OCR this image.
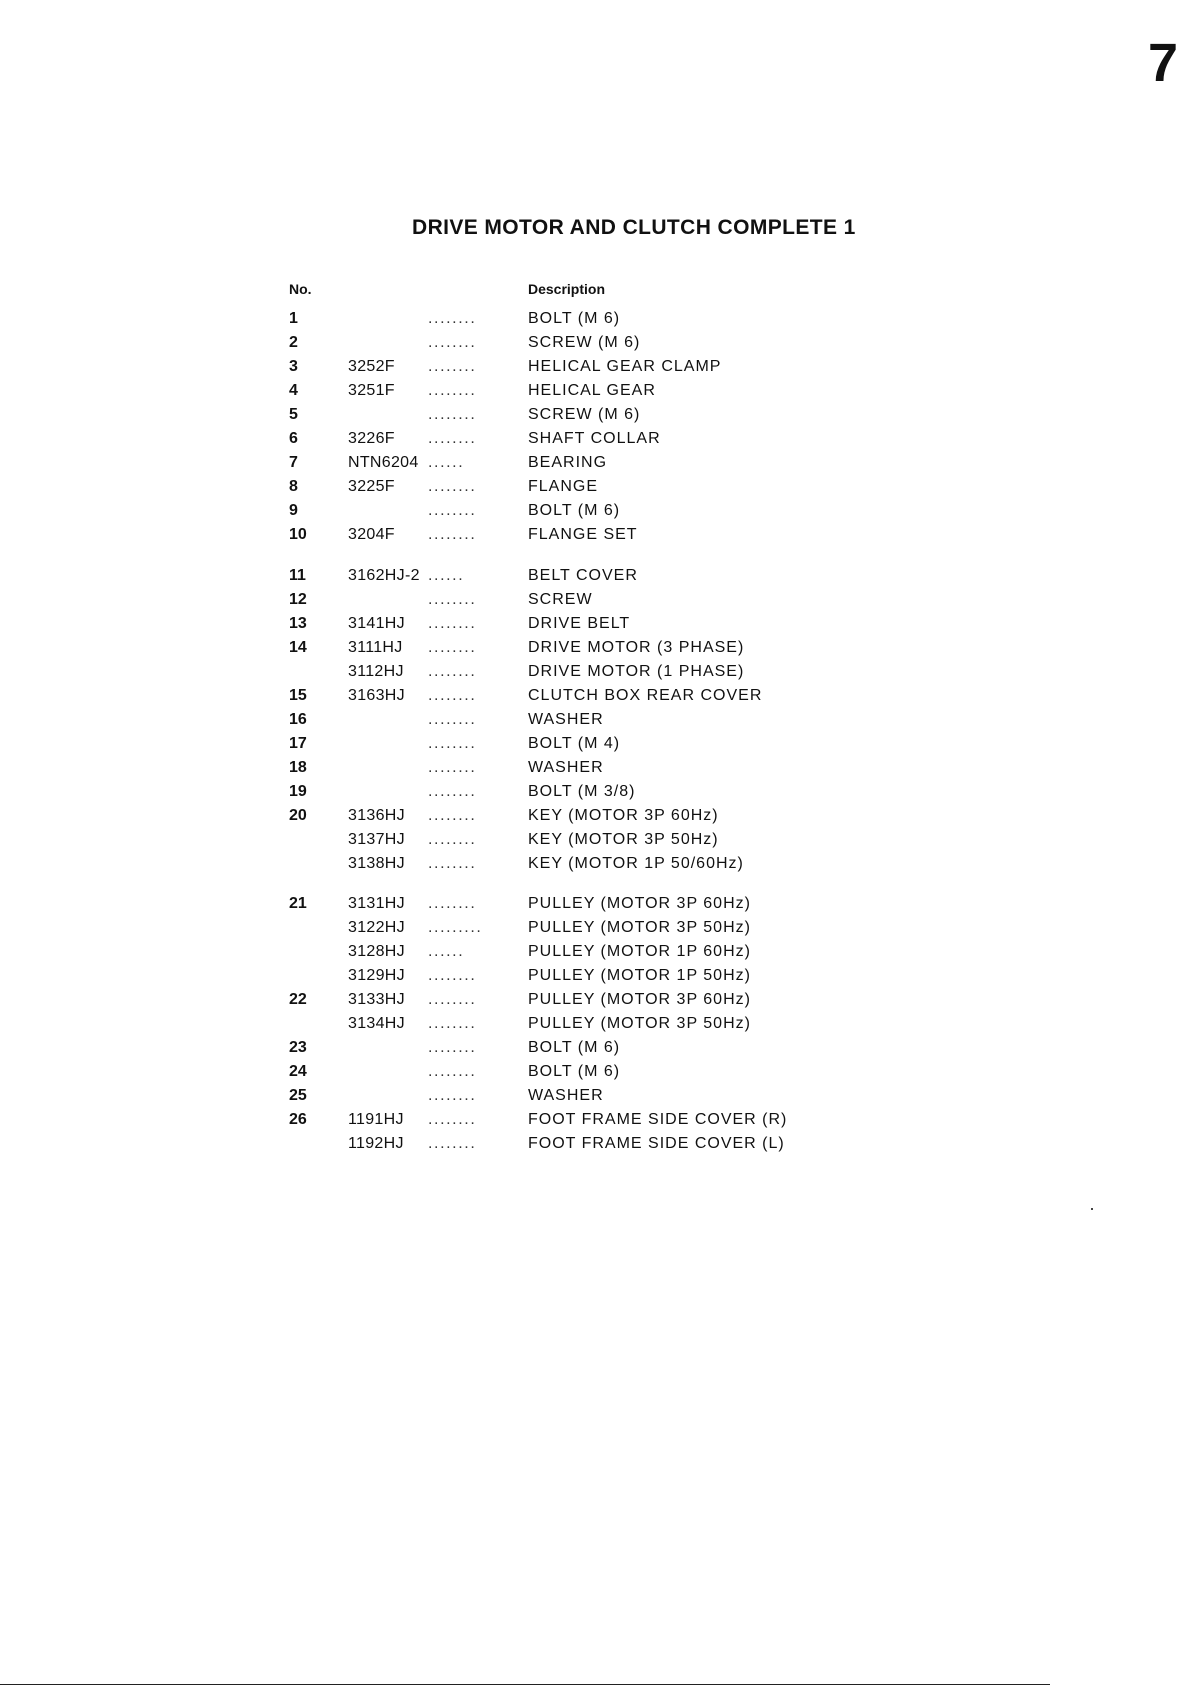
7
DRIVE MOTOR AND CLUTCH COMPLETE 1
No.	Description
1	........	BOLT (M 6)
2	........	SCREW (M 6)
3	3252F ........	HELICAL GEAR CLAMP
4	3251F ........	HELICAL GEAR
5	........	SCREW (M 6)
6	3226F ........	SHAFT COLLAR
7	NTN6204 ......	BEARING
8	3225F ........	FLANGE
9	........	BOLT (M 6)
10	3204F ........	FLANGE SET
11	3162HJ-2 ......	BELT COVER
12	........	SCREW
13	3141HJ ........	DRIVE BELT
14	3111HJ ........	DRIVE MOTOR (3 PHASE)
3112HJ ........	DRIVE MOTOR (1 PHASE)
15	3163HJ ........	CLUTCH BOX REAR COVER
16	........	WASHER
17	........	BOLT (M 4)
18	........	WASHER
19	........	BOLT (M 3/8)
20	3136HJ ........	KEY (MOTOR 3P 60Hz)
3137HJ ........	KEY (MOTOR 3P 50Hz)
3138HJ ........	KEY (MOTOR 1P 50/60Hz)
21	3131HJ ........	PULLEY (MOTOR 3P 60Hz)
3122HJ .........	PULLEY (MOTOR 3P 50Hz)
3128HJ ......	PULLEY (MOTOR 1P 60Hz)
3129HJ ........	PULLEY (MOTOR 1P 50Hz)
22	3133HJ ........	PULLEY (MOTOR 3P 60Hz)
3134HJ ........	PULLEY (MOTOR 3P 50Hz)
23	........	BOLT (M 6)
24	........	BOLT (M 6)
25	........	WASHER
26	1191HJ ........	FOOT FRAME SIDE COVER (R)
1192HJ ........	FOOT FRAME SIDE COVER (L)
